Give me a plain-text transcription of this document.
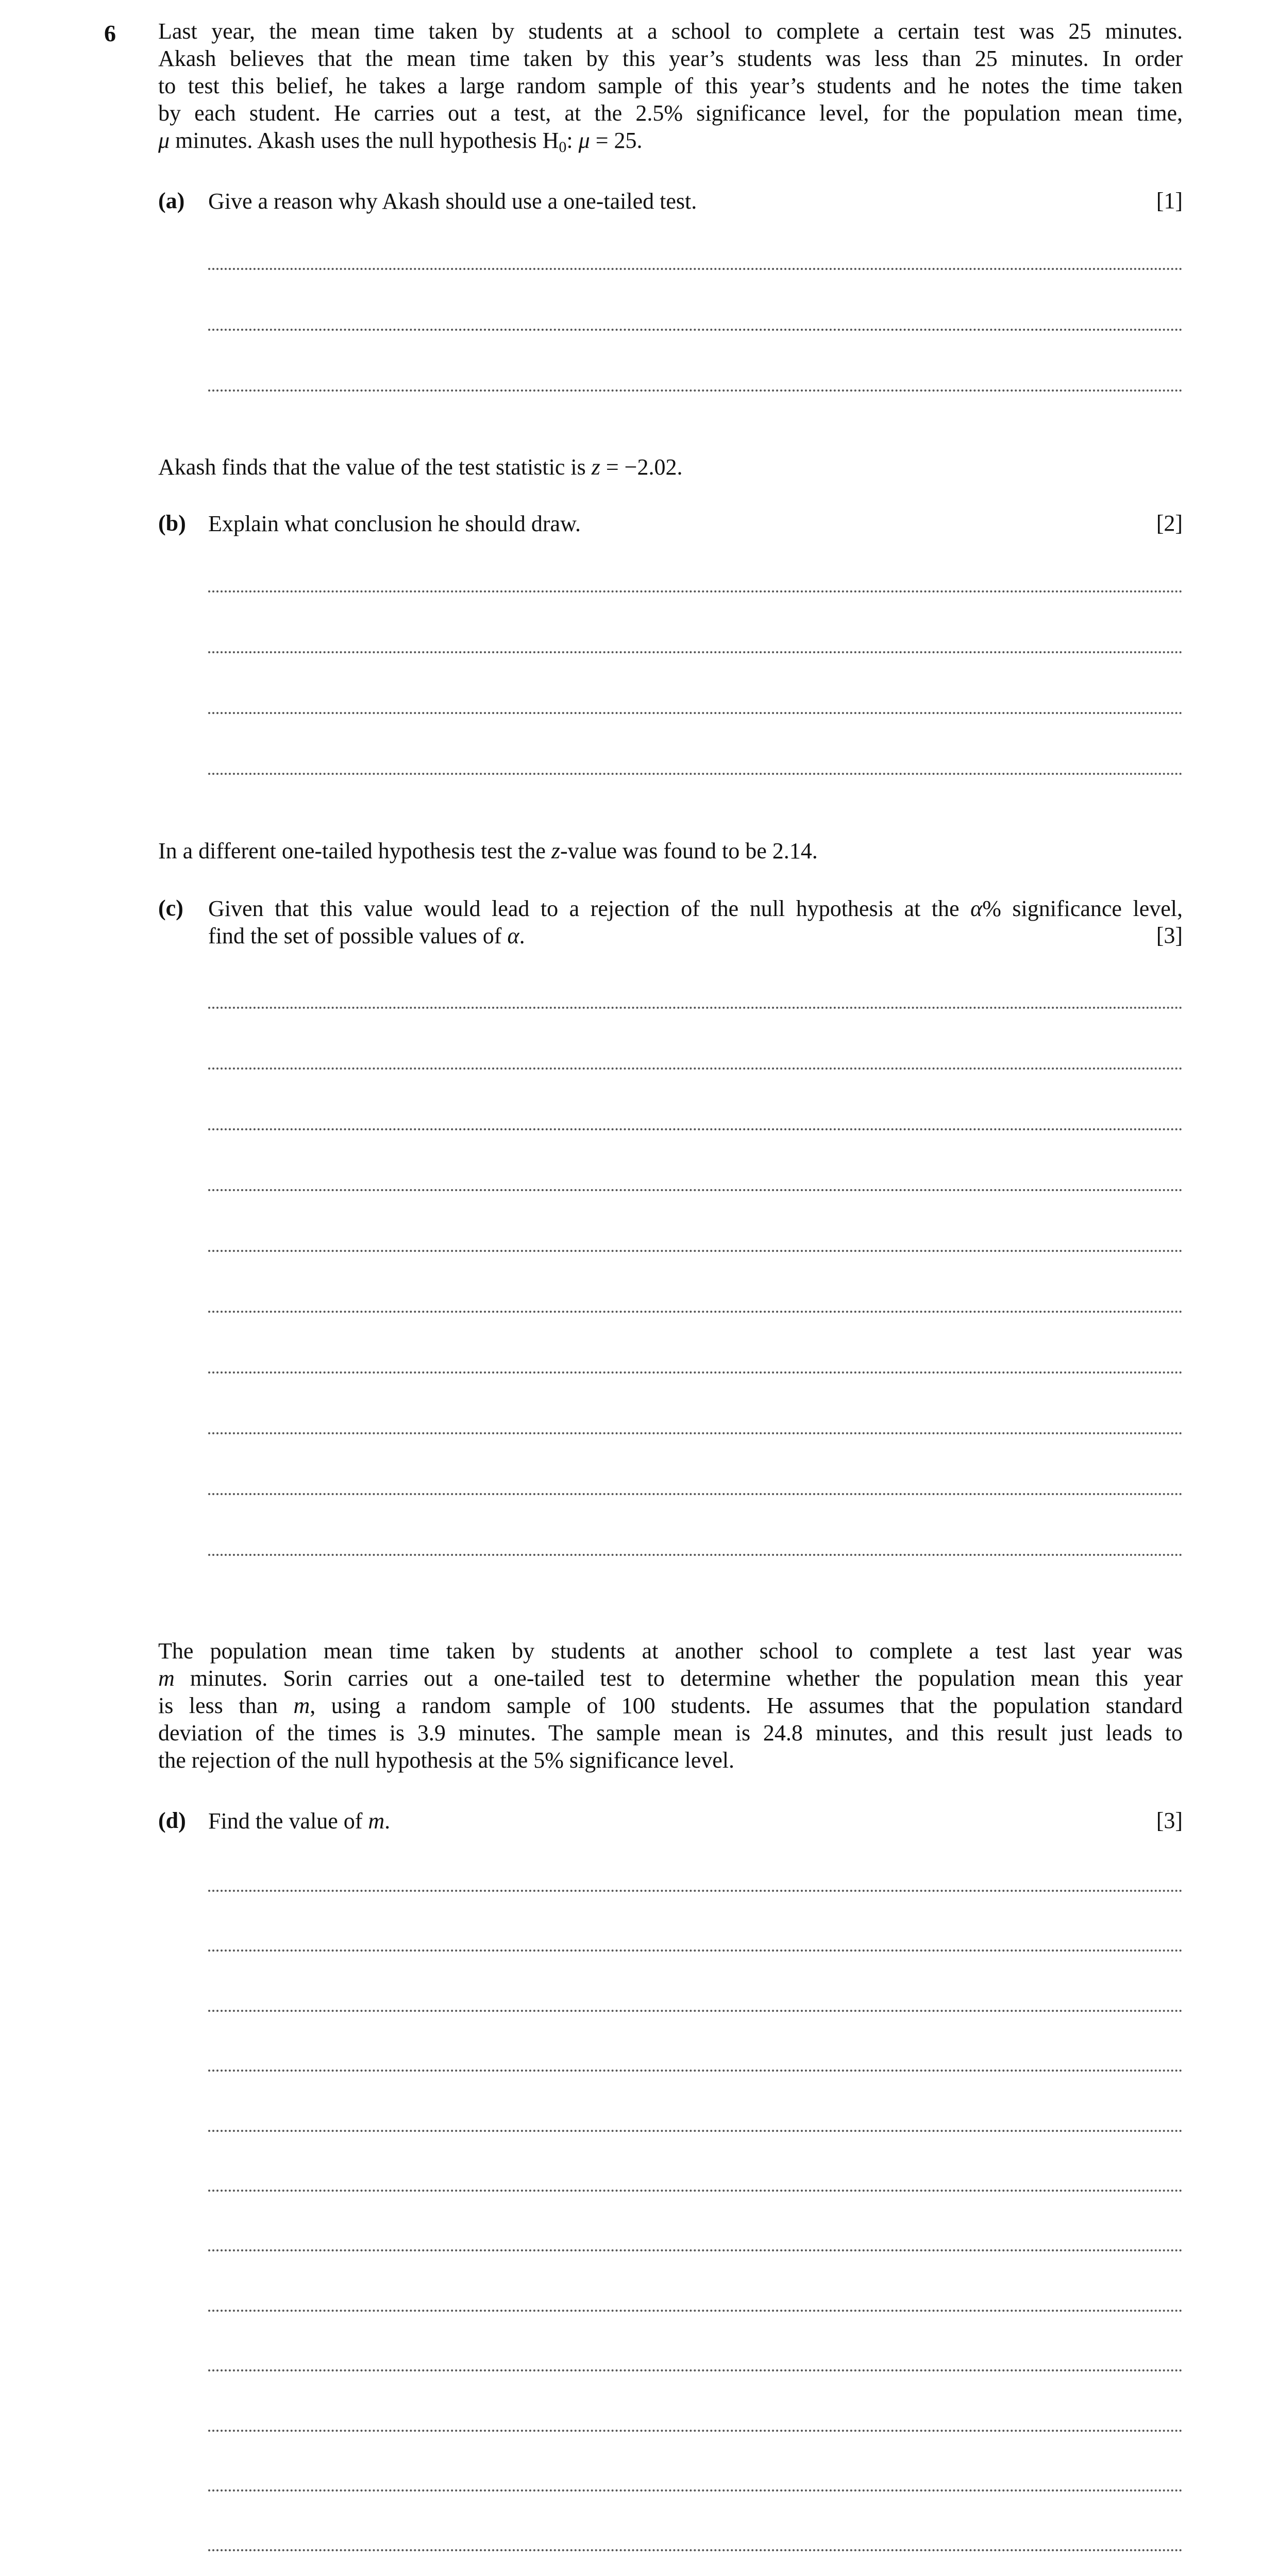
6 Last year, the mean time taken by students at a school to complete a certain test was 25 minutes.
Akash believes that the mean time taken by this year’s students was less than 25 minutes. In order
to test this belief, he takes a large random sample of this year’s students and he notes the time taken
by each student. He carries out a test, at the 2.5% significance level, for the population mean time,
μ minutes. Akash uses the null hypothesis $H_0$: μ = 25.
(a) Give a reason why Akash should use a one-tailed test.	[1]
Akash finds that the value of the test statistic is z = −2.02.
(b) Explain what conclusion he should draw.	[2]
In a different one-tailed hypothesis test the z-value was found to be 2.14.
(c) Given that this value would lead to a rejection of the null hypothesis at the α% significance level,
find the set of possible values of α.	[3]
The population mean time taken by students at another school to complete a test last year was
m minutes. Sorin carries out a one-tailed test to determine whether the population mean this year
is less than m, using a random sample of 100 students. He assumes that the population standard
deviation of the times is 3.9 minutes. The sample mean is 24.8 minutes, and this result just leads to
the rejection of the null hypothesis at the 5% significance level.
(d) Find the value of m.	[3]
